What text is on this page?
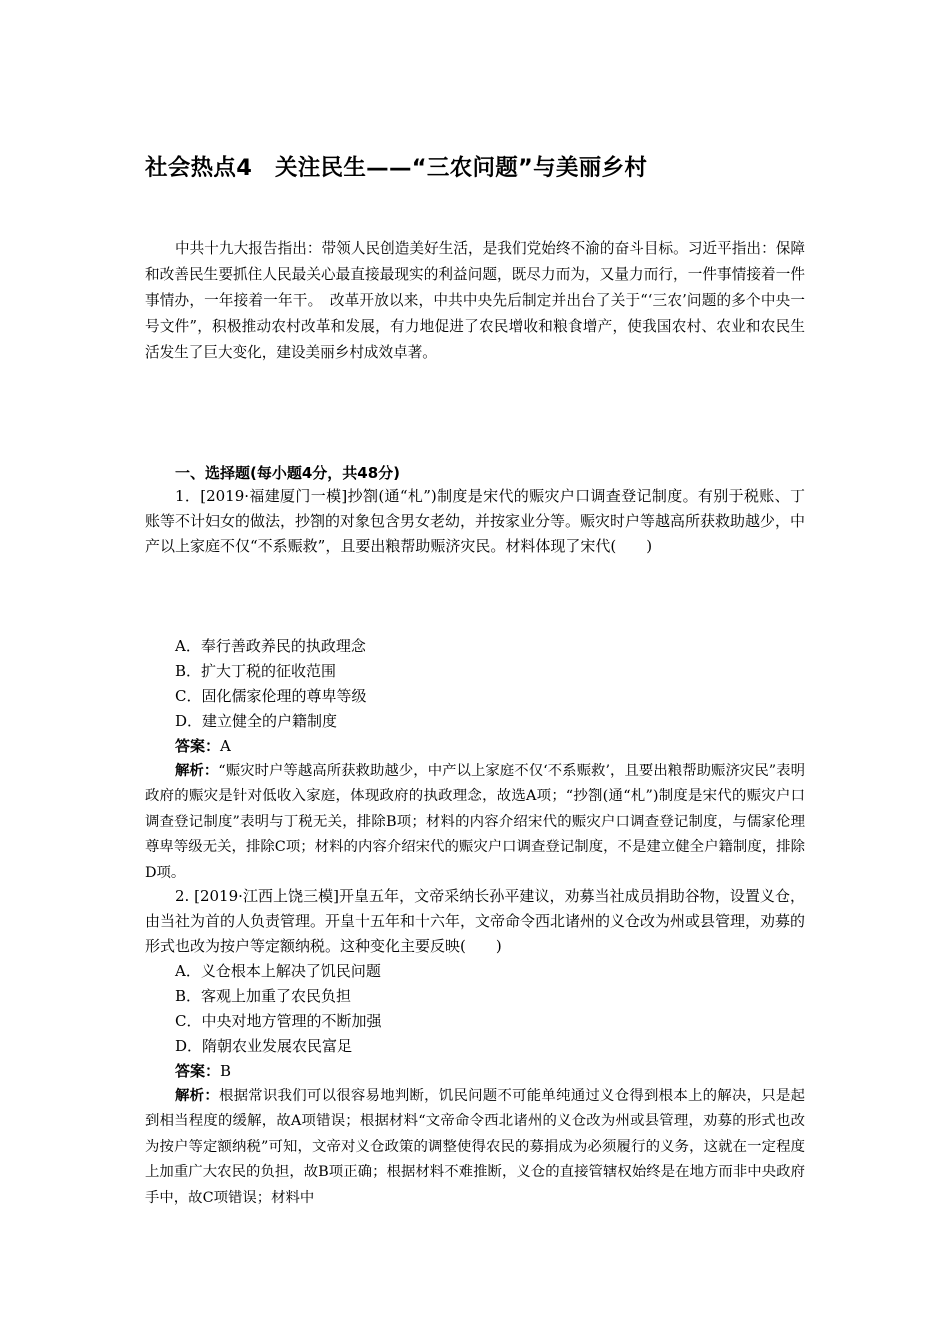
社会热点4　关注民生——“三农问题”与美丽乡村

中共十九大报告指出：带领人民创造美好生活，是我们党始终不渝的奋斗目标。习近平指出：保障和改善民生要抓住人民最关心最直接最现实的利益问题，既尽力而为，又量力而行，一件事情接着一件事情办，一年接着一年干。　改革开放以来，中共中央先后制定并出台了关于“‘三农’问题的多个中央一号文件”，积极推动农村改革和发展，有力地促进了农民增收和粮食增产，使我国农村、农业和农民生活发生了巨大变化，建设美丽乡村成效卓著。

一、选择题(每小题4分，共48分)

1．[2019·福建厦门一模]抄劄(通“札”)制度是宋代的赈灾户口调查登记制度。有别于税账、丁账等不计妇女的做法，抄劄的对象包含男女老幼，并按家业分等。赈灾时户等越高所获救助越少，中产以上家庭不仅“不系赈救”，且要出粮帮助赈济灾民。材料体现了宋代(　　)

A．奉行善政养民的执政理念
B．扩大丁税的征收范围
C．固化儒家伦理的尊卑等级
D．建立健全的户籍制度
答案：A

解析：“赈灾时户等越高所获救助越少，中产以上家庭不仅‘不系赈救’，且要出粮帮助赈济灾民”表明政府的赈灾是针对低收入家庭，体现政府的执政理念，故选A项；“抄劄(通“札”)制度是宋代的赈灾户口调查登记制度”表明与丁税无关，排除B项；材料的内容介绍宋代的赈灾户口调查登记制度，与儒家伦理尊卑等级无关，排除C项；材料的内容介绍宋代的赈灾户口调查登记制度，不是建立健全户籍制度，排除D项。

2. [2019·江西上饶三模]开皇五年，文帝采纳长孙平建议，劝募当社成员捐助谷物，设置义仓，由当社为首的人负责管理。开皇十五年和十六年，文帝命令西北诸州的义仓改为州或县管理，劝募的形式也改为按户等定额纳税。这种变化主要反映(　　)

A．义仓根本上解决了饥民问题
B．客观上加重了农民负担
C．中央对地方管理的不断加强
D．隋朝农业发展农民富足
答案：B

解析：根据常识我们可以很容易地判断，饥民问题不可能单纯通过义仓得到根本上的解决，只是起到相当程度的缓解，故A项错误；根据材料“文帝命令西北诸州的义仓改为州或县管理，劝募的形式也改为按户等定额纳税”可知，文帝对义仓政策的调整使得农民的募捐成为必须履行的义务，这就在一定程度上加重广大农民的负担，故B项正确；根据材料不难推断，义仓的直接管辖权始终是在地方而非中央政府手中，故C项错误；材料中
